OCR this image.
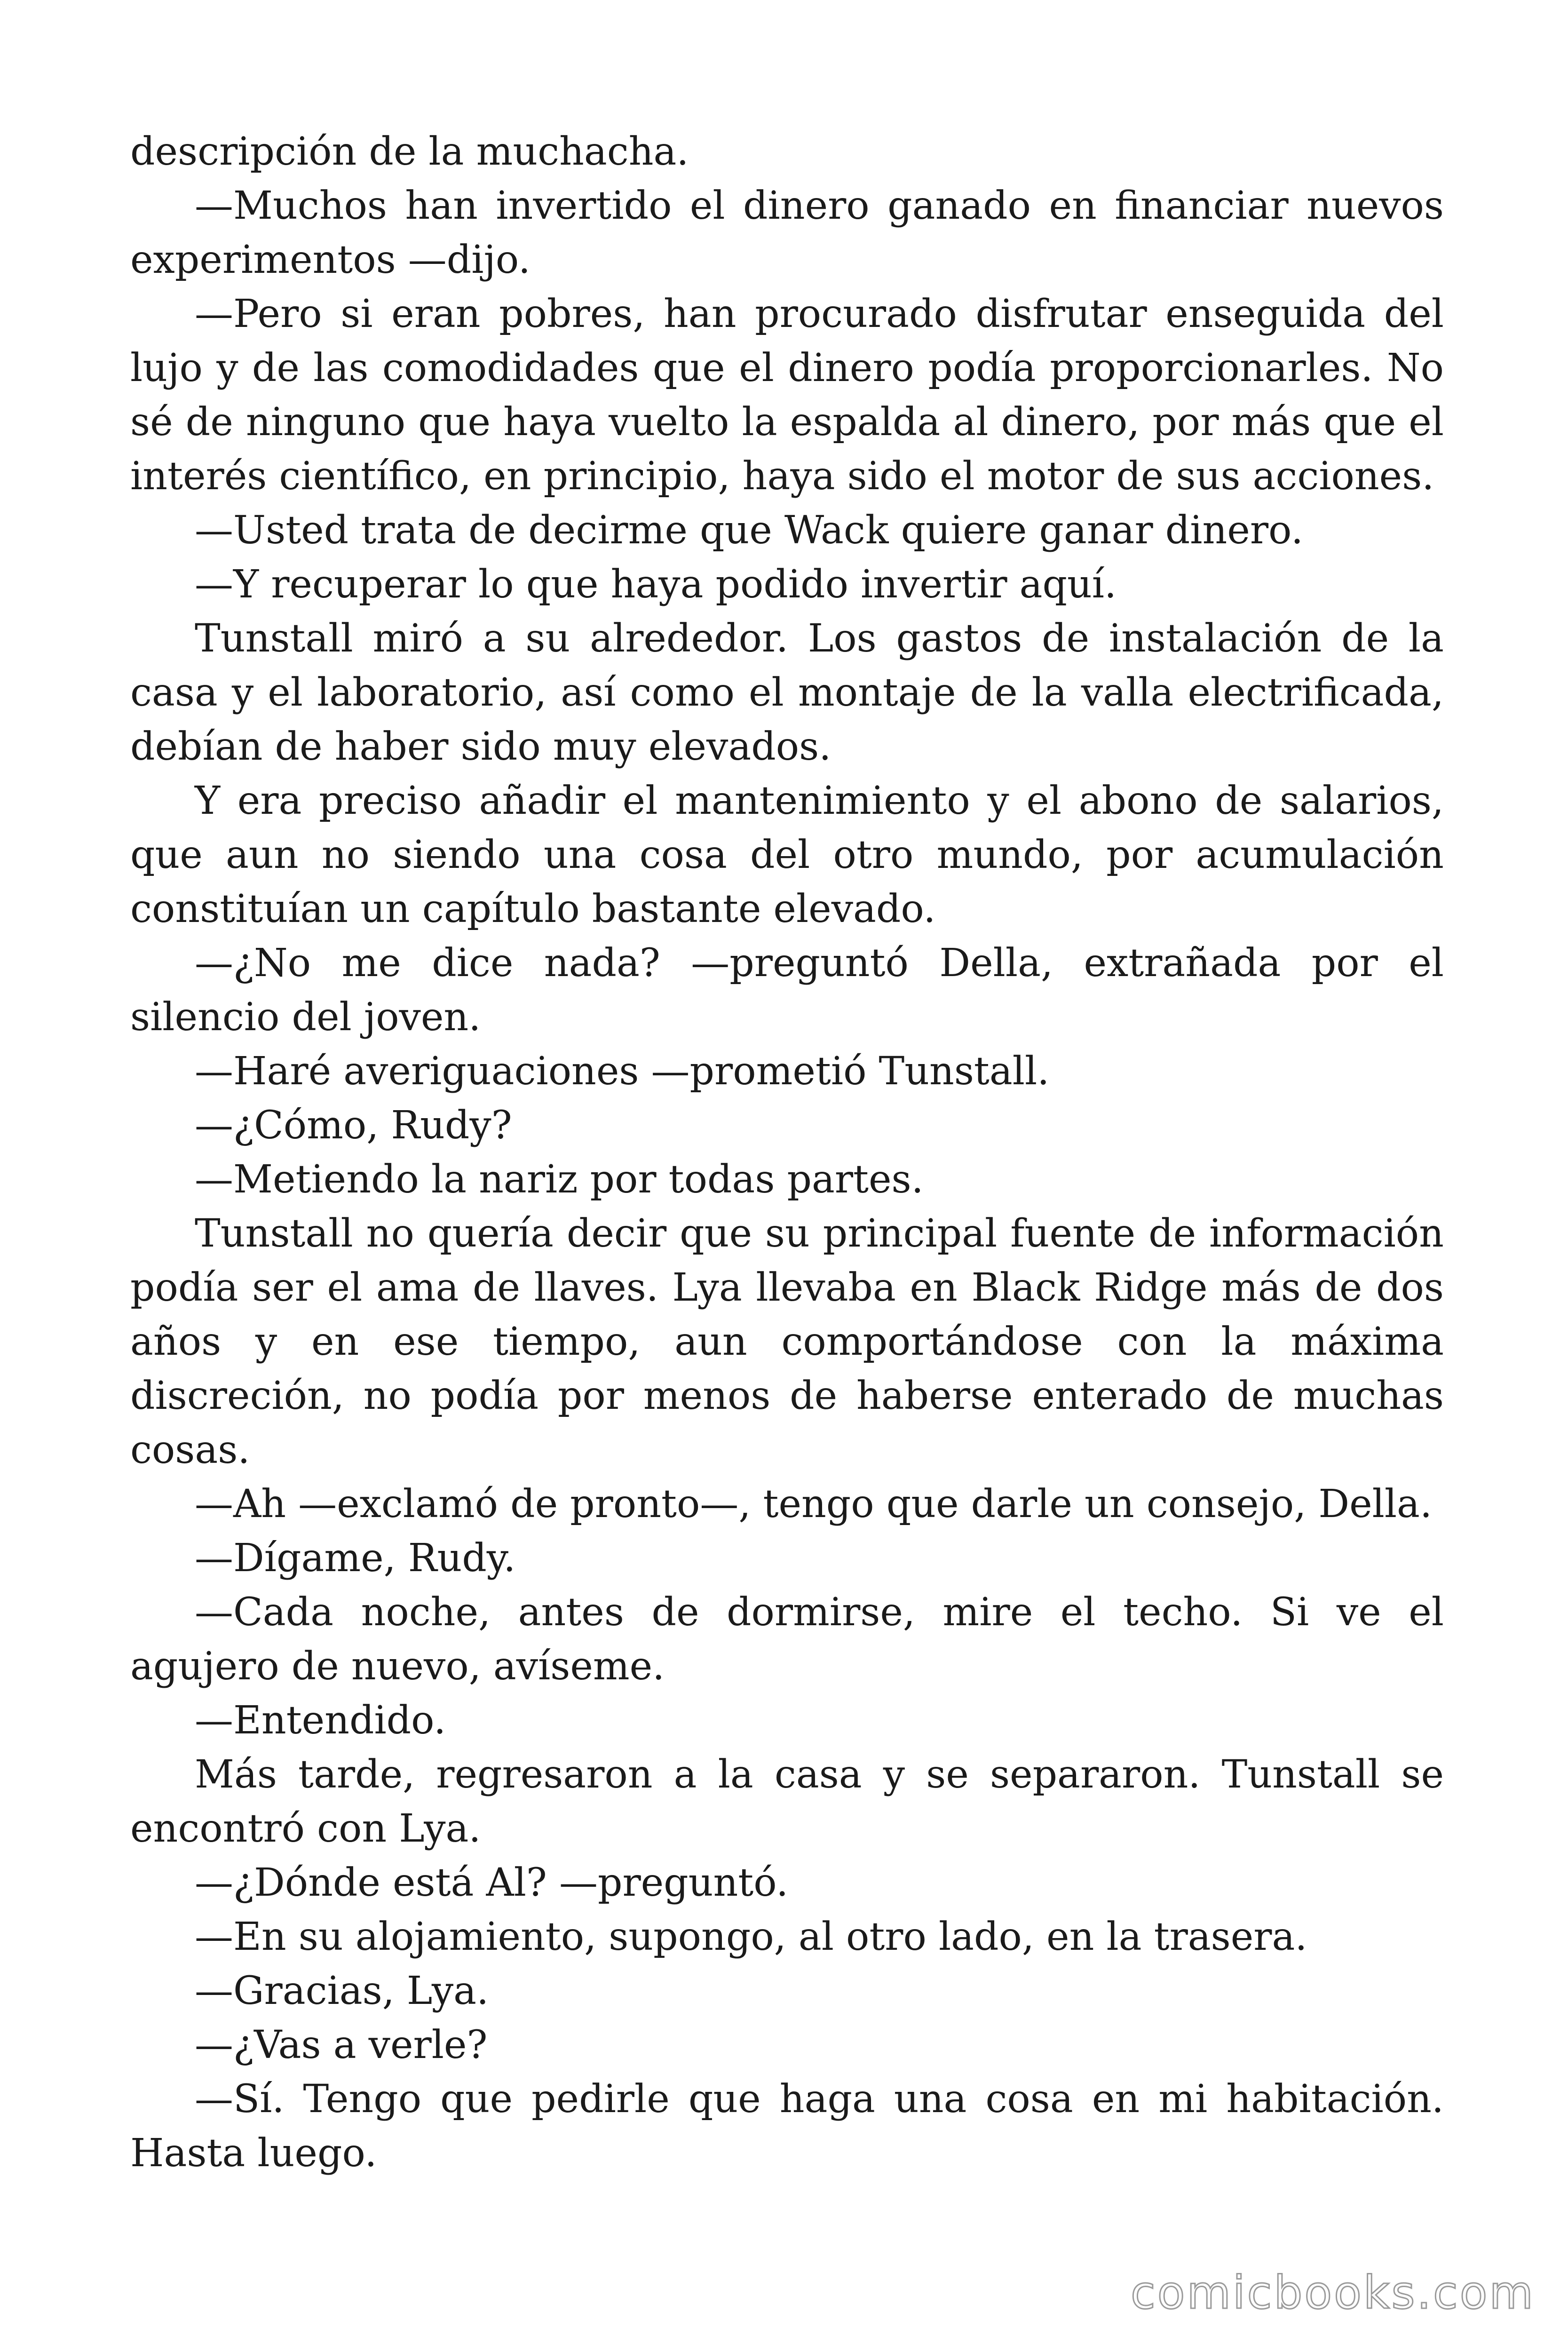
descripción de la muchacha.

—Muchos han invertido el dinero ganado en financiar nuevos experimentos —dijo.

—Pero si eran pobres, han procurado disfrutar enseguida del lujo y de las comodidades que el dinero podía proporcionarles. No sé de ninguno que haya vuelto la espalda al dinero, por más que el interés científico, en principio, haya sido el motor de sus acciones.

—Usted trata de decirme que Wack quiere ganar dinero.

—Y recuperar lo que haya podido invertir aquí.

Tunstall miró a su alrededor. Los gastos de instalación de la casa y el laboratorio, así como el montaje de la valla electrificada, debían de haber sido muy elevados.

Y era preciso añadir el mantenimiento y el abono de salarios, que aun no siendo una cosa del otro mundo, por acumulación constituían un capítulo bastante elevado.

—¿No me dice nada? —preguntó Della, extrañada por el silencio del joven.

—Haré averiguaciones —prometió Tunstall.

—¿Cómo, Rudy?

—Metiendo la nariz por todas partes.

Tunstall no quería decir que su principal fuente de información podía ser el ama de llaves. Lya llevaba en Black Ridge más de dos años y en ese tiempo, aun comportándose con la máxima discreción, no podía por menos de haberse enterado de muchas cosas.

—Ah —exclamó de pronto—, tengo que darle un consejo, Della.

—Dígame, Rudy.

—Cada noche, antes de dormirse, mire el techo. Si ve el agujero de nuevo, avíseme.

—Entendido.

Más tarde, regresaron a la casa y se separaron. Tunstall se encontró con Lya.

—¿Dónde está Al? —preguntó.

—En su alojamiento, supongo, al otro lado, en la trasera.

—Gracias, Lya.

—¿Vas a verle?

—Sí. Tengo que pedirle que haga una cosa en mi habitación. Hasta luego.

comicbooks.com
